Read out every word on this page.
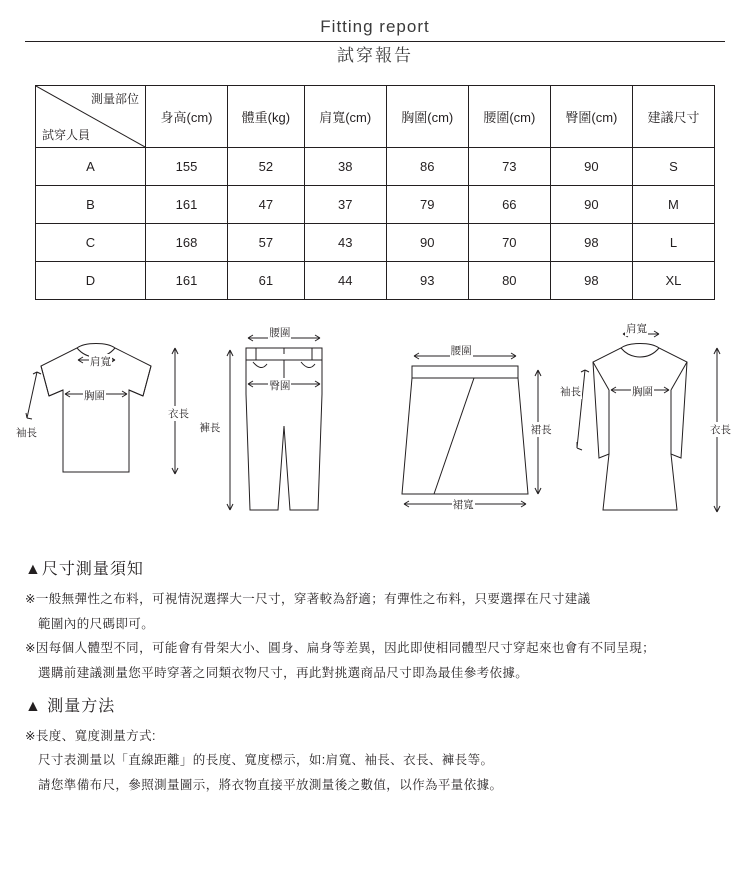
Fitting report
試穿報告
測量部位
試穿人員	身高(cm)	體重(kg)	肩寬(cm)	胸圍(cm)	腰圍(cm)	臀圍(cm)	建議尺寸
A	155	52	38	86	73	90	S
B	161	47	37	79	66	90	M
C	168	57	43	90	70	98	L
D	161	61	44	93	80	98	XL
肩寬
胸圍
袖長
衣長
腰圍
臀圍
褲長
腰圍
裙長
裙寬
肩寬
胸圍
袖長
衣長
▲尺寸測量須知
※一般無彈性之布料，可視情況選擇大一尺寸，穿著較為舒適；有彈性之布料，只要選擇在尺寸建議
範圍內的尺碼即可。
※因每個人體型不同，可能會有骨架大小、圓身、扁身等差異，因此即使相同體型尺寸穿起來也會有不同呈現；
選購前建議測量您平時穿著之同類衣物尺寸，再此對挑選商品尺寸即為最佳參考依據。
▲ 測量方法
※長度、寬度測量方式:
尺寸表測量以「直線距離」的長度、寬度標示，如:肩寬、袖長、衣長、褲長等。
請您準備布尺，參照測量圖示，將衣物直接平放測量後之數值，以作為平量依據。
